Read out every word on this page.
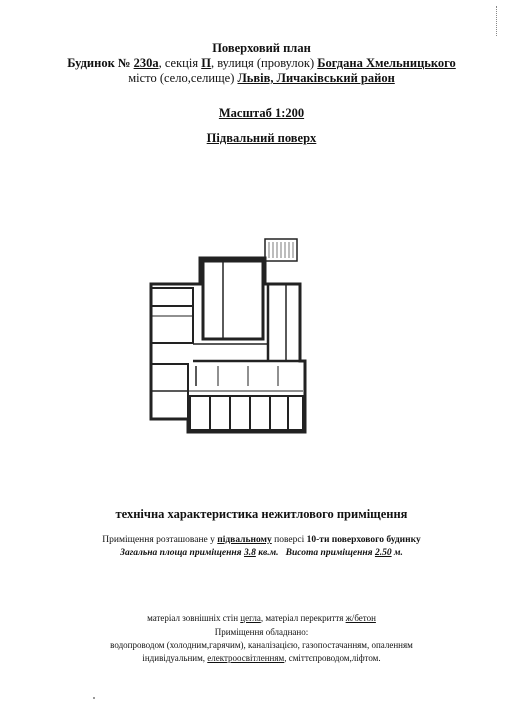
Поверховий план
Будинок № 230а, секція П, вулиця (провулок) Богдана Хмельницького
місто (село,селище) Львів, Личаківський район
Масштаб 1:200
Підвальний поверх
технічна характеристика нежитлового приміщення
Приміщення розташоване у підвальному поверсі 10-ти поверхового будинку
Загальна площа приміщення 3.8 кв.м. Висота приміщення 2.50 м.
матеріал зовнішніх стін цегла, матеріал перекриття ж/бетон
Приміщення обладнано:
водопроводом (холодним,гарячим), каналізацією, газопостачанням, опаленням
індивідуальним, електроосвітленням, сміттєпроводом,ліфтом.
